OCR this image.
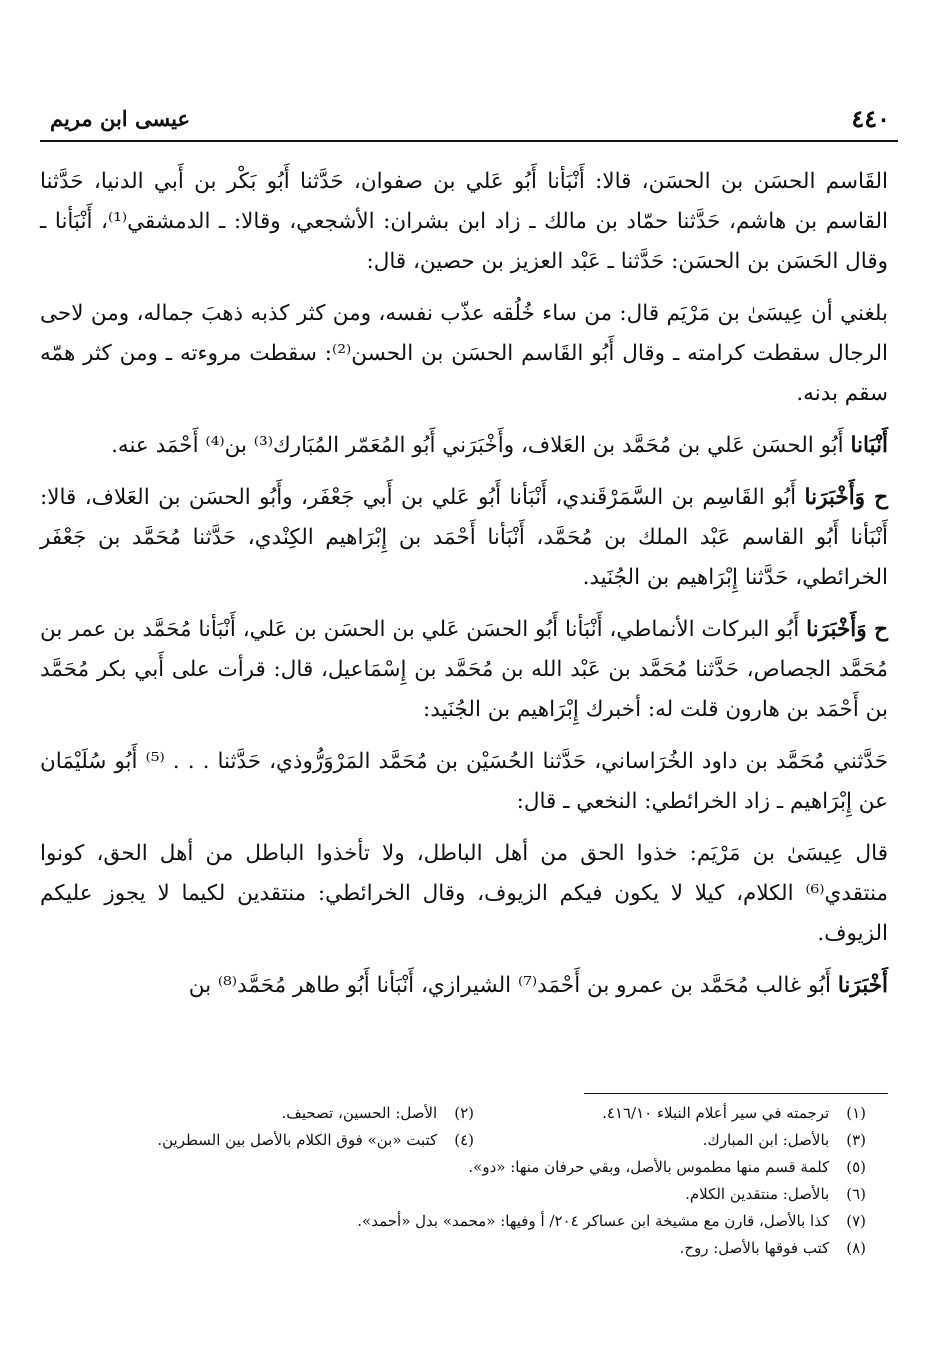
٤٤٠
عيسى ابن مريم

القَاسم الحسَن بن الحسَن، قالا: أَنْبَأنا أَبُو عَلي بن صفوان، حَدَّثنا أَبُو بَكْر بن أَبي الدنيا، حَدَّثنا القاسم بن هاشم، حَدَّثنا حمّاد بن مالك ـ زاد ابن بشران: الأشجعي، وقالا: ـ الدمشقي⁽¹⁾، أَنْبَأنا ـ وقال الحَسَن بن الحسَن: حَدَّثنا ـ عَبْد العزيز بن حصين، قال:

بلغني أن عِيسَىٰ بن مَرْيَم قال: من ساء خُلُقه عذّب نفسه، ومن كثر كذبه ذهبَ جماله، ومن لاحى الرجال سقطت كرامته ـ وقال أَبُو القَاسم الحسَن بن الحسن⁽²⁾: سقطت مروءته ـ ومن كثر همّه سقم بدنه.

أَنْبَانا أَبُو الحسَن عَلي بن مُحَمَّد بن العَلاف، وأَخْبَرَني أَبُو المُعَمّر المُبَارك⁽³⁾ بن⁽⁴⁾ أَحْمَد عنه.

ح وَأَخْبَرَنا أَبُو القَاسِم بن السَّمَرْقَندي، أَنْبَأنا أَبُو عَلي بن أَبي جَعْفَر، وأَبُو الحسَن بن العَلاف، قالا: أَنْبَأنا أَبُو القاسم عَبْد الملك بن مُحَمَّد، أَنْبَأنا أَحْمَد بن إِبْرَاهيم الكِنْدي، حَدَّثنا مُحَمَّد بن جَعْفَر الخرائطي، حَدَّثنا إِبْرَاهيم بن الجُنَيد.

ح وَأَخْبَرَنا أَبُو البركات الأنماطي، أَنْبَأنا أَبُو الحسَن عَلي بن الحسَن بن عَلي، أَنْبَأنا مُحَمَّد بن عمر بن مُحَمَّد الجصاص، حَدَّثنا مُحَمَّد بن عَبْد الله بن مُحَمَّد بن إِسْمَاعيل، قال: قرأت على أَبي بكر مُحَمَّد بن أَحْمَد بن هارون قلت له: أخبرك إِبْرَاهيم بن الجُنَيد:

حَدَّثني مُحَمَّد بن داود الخُرَاساني، حَدَّثنا الحُسَيْن بن مُحَمَّد المَرْوَرُّوذي، حَدَّثنا . . . ⁽⁵⁾ أَبُو سُلَيْمَان عن إِبْرَاهيم ـ زاد الخرائطي: النخعي ـ قال:

قال عِيسَىٰ بن مَرْيَم: خذوا الحق من أهل الباطل، ولا تأخذوا الباطل من أهل الحق، كونوا منتقدي⁽⁶⁾ الكلام، كيلا لا يكون فيكم الزيوف، وقال الخرائطي: منتقدين لكيما لا يجوز عليكم الزيوف.

أَخْبَرَنا أَبُو غالب مُحَمَّد بن عمرو بن أَحْمَد⁽⁷⁾ الشيرازي، أَنْبَأنا أَبُو طاهر مُحَمَّد⁽⁸⁾ بن

(١) ترجمته في سير أعلام النبلاء ٤١٦/١٠.
(٢) الأصل: الحسين، تصحيف.
(٣) بالأصل: ابن المبارك.
(٤) كتبت «بن» فوق الكلام بالأصل بين السطرين.
(٥) كلمة قسم منها مطموس بالأصل، وبقي حرفان منها: «دو».
(٦) بالأصل: منتقدين الكلام.
(٧) كذا بالأصل، قارن مع مشيخة ابن عساكر ٢٠٤/ أ وفيها: «محمد» بدل «أحمد».
(٨) كتب فوقها بالأصل: روح.
